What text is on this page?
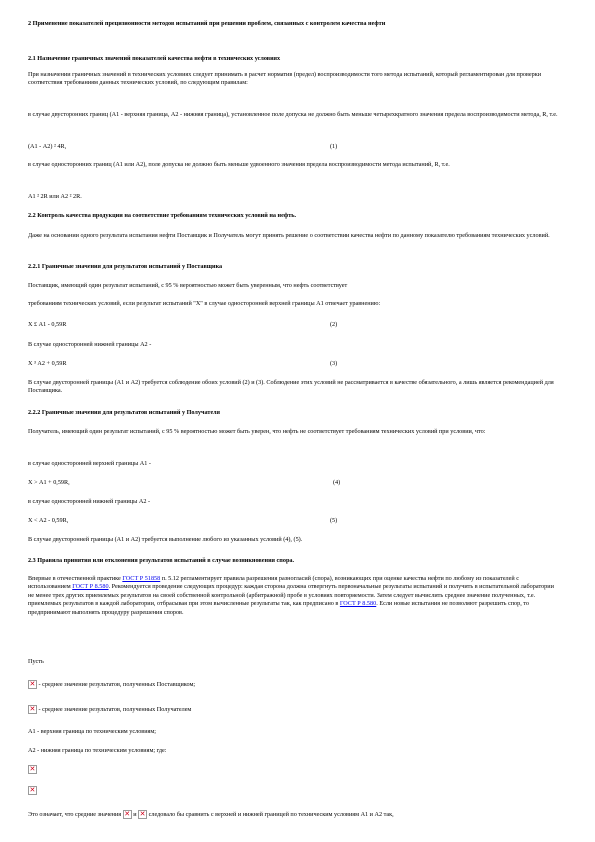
2 Применение показателей прецизионности методов испытаний при решении проблем, связанных с контролем качества нефти

2.1 Назначение граничных значений показателей качества нефти в технических условиях

При назначении граничных значений в технических условиях следует принимать в расчет норматив (предел) воспроизводимости того метода испытаний, который регламентирован для проверки соответствия требованиям данных технических условий, по следующим правилам:

в случае двусторонних границ (А1 - верхняя граница, А2 - нижняя граница), установленное поле допуска не должно быть меньше четырехкратного значения предела воспроизводимости метода, R, т.е.

(А1 - А2) ² 4R,	(1)

в случае односторонних границ (А1 или А2), поле допуска не должно быть меньше удвоенного значения предела воспроизводимости метода испытаний, R, т.е.

А1 ² 2R или А2 ² 2R.

2.2 Контроль качества продукции на соответствие требованиям технических условий на нефть.

Даже на основании одного результата испытания нефти Поставщик и Получатель могут принять решение о соответствии качества нефти по данному показателю требованиям технических условий.

2.2.1 Граничные значения для результатов испытаний у Поставщика

Поставщик, имеющий один результат испытаний, с 95 % вероятностью может быть уверенным, что нефть соответствует

требованиям технических условий, если результат испытаний "Х" в случае односторонней верхней границы А1 отвечает уравнению:

Х £ А1 - 0,59R	(2)

В случае односторонней нижней границы А2 -

Х ³ А2 + 0,59R	(3)

В случае двусторонней границы (А1 и А2) требуется соблюдение обоих условий (2) и (3). Соблюдение этих условий не рассматривается в качестве обязательного, а лишь является рекомендацией для Поставщика.

2.2.2 Граничные значения для результатов испытаний у Получателя

Получатель, имеющий один результат испытаний, с 95 % вероятностью может быть уверен, что нефть не соответствует требованиям технических условий при условии, что:

в случае односторонней верхней границы А1 -

Х > А1 + 0,59R,	(4)

в случае односторонней нижней границы А2 -

Х < А2 - 0,59R,	(5)

В случае двусторонней границы (А1 и А2) требуется выполнение любого из указанных условий (4), (5).

2.3 Правила принятия или отклонения результатов испытаний в случае возникновения спора.

Впервые в отечественной практике ГОСТ Р 51858 п. 5.12 регламентирует правила разрешения разногласий (спора), возникающих при оценке качества нефти по любому из показателей с использованием ГОСТ Р 8.580. Рекомендуется проведение следующих процедур: каждая сторона должна отвергнуть первоначальные результаты испытаний и получить в испытательной лаборатории не менее трех других приемлемых результатов на своей собственной контрольной (арбитражной) пробе в условиях повторяемости. Затем следует вычислить среднее значение полученных, т.е. приемлемых результатов в каждой лаборатории, отбрасывая при этом вычисленные результаты так, как предписано в ГОСТ Р 8.580. Если новые испытания не позволяют разрешить спор, то предпринимают выполнять процедуру разрешения споров.

Пусть

✕ - среднее значение результатов, полученных Поставщиком;

✕ - среднее значение результатов, полученных Получателем

А1 - верхняя граница по техническим условиям;

А2 - нижняя граница по техническим условиям; где:

✕
✕

Это означает, что средние значения ✕ и ✕ следовало бы сравнить с верхней и нижней границей по техническим условиям А1 и А2 так,
